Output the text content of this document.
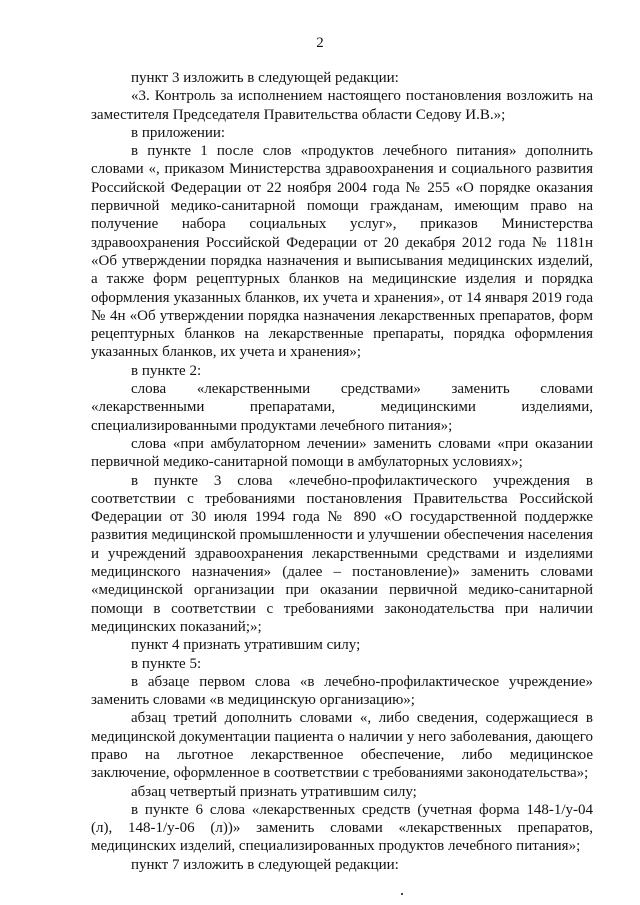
2

пункт 3 изложить в следующей редакции:

«3. Контроль за исполнением настоящего постановления возложить на заместителя Председателя Правительства области Седову И.В.»;

в приложении:

в пункте 1 после слов «продуктов лечебного питания» дополнить словами «, приказом Министерства здравоохранения и социального развития Российской Федерации от 22 ноября 2004 года № 255 «О порядке оказания первичной медико-санитарной помощи гражданам, имеющим право на получение набора социальных услуг», приказов Министерства здравоохранения Российской Федерации от 20 декабря 2012 года № 1181н «Об утверждении порядка назначения и выписывания медицинских изделий, а также форм рецептурных бланков на медицинские изделия и порядка оформления указанных бланков, их учета и хранения», от 14 января 2019 года № 4н «Об утверждении порядка назначения лекарственных препаратов, форм рецептурных бланков на лекарственные препараты, порядка оформления указанных бланков, их учета и хранения»;

в пункте 2:

слова «лекарственными средствами» заменить словами «лекарственными препаратами, медицинскими изделиями, специализированными продуктами лечебного питания»;

слова «при амбулаторном лечении» заменить словами «при оказании первичной медико-санитарной помощи в амбулаторных условиях»;

в пункте 3 слова «лечебно-профилактического учреждения в соответствии с требованиями постановления Правительства Российской Федерации от 30 июля 1994 года № 890 «О государственной поддержке развития медицинской промышленности и улучшении обеспечения населения и учреждений здравоохранения лекарственными средствами и изделиями медицинского назначения» (далее – постановление)» заменить словами «медицинской организации при оказании первичной медико-санитарной помощи в соответствии с требованиями законодательства при наличии медицинских показаний;»;

пункт 4 признать утратившим силу;

в пункте 5:

в абзаце первом слова «в лечебно-профилактическое учреждение» заменить словами «в медицинскую организацию»;

абзац третий дополнить словами «, либо сведения, содержащиеся в медицинской документации пациента о наличии у него заболевания, дающего право на льготное лекарственное обеспечение, либо медицинское заключение, оформленное в соответствии с требованиями законодательства»;

абзац четвертый признать утратившим силу;

в пункте 6 слова «лекарственных средств (учетная форма 148-1/у-04 (л), 148-1/у-06 (л))» заменить словами «лекарственных препаратов, медицинских изделий, специализированных продуктов лечебного питания»;

пункт 7 изложить в следующей редакции:
